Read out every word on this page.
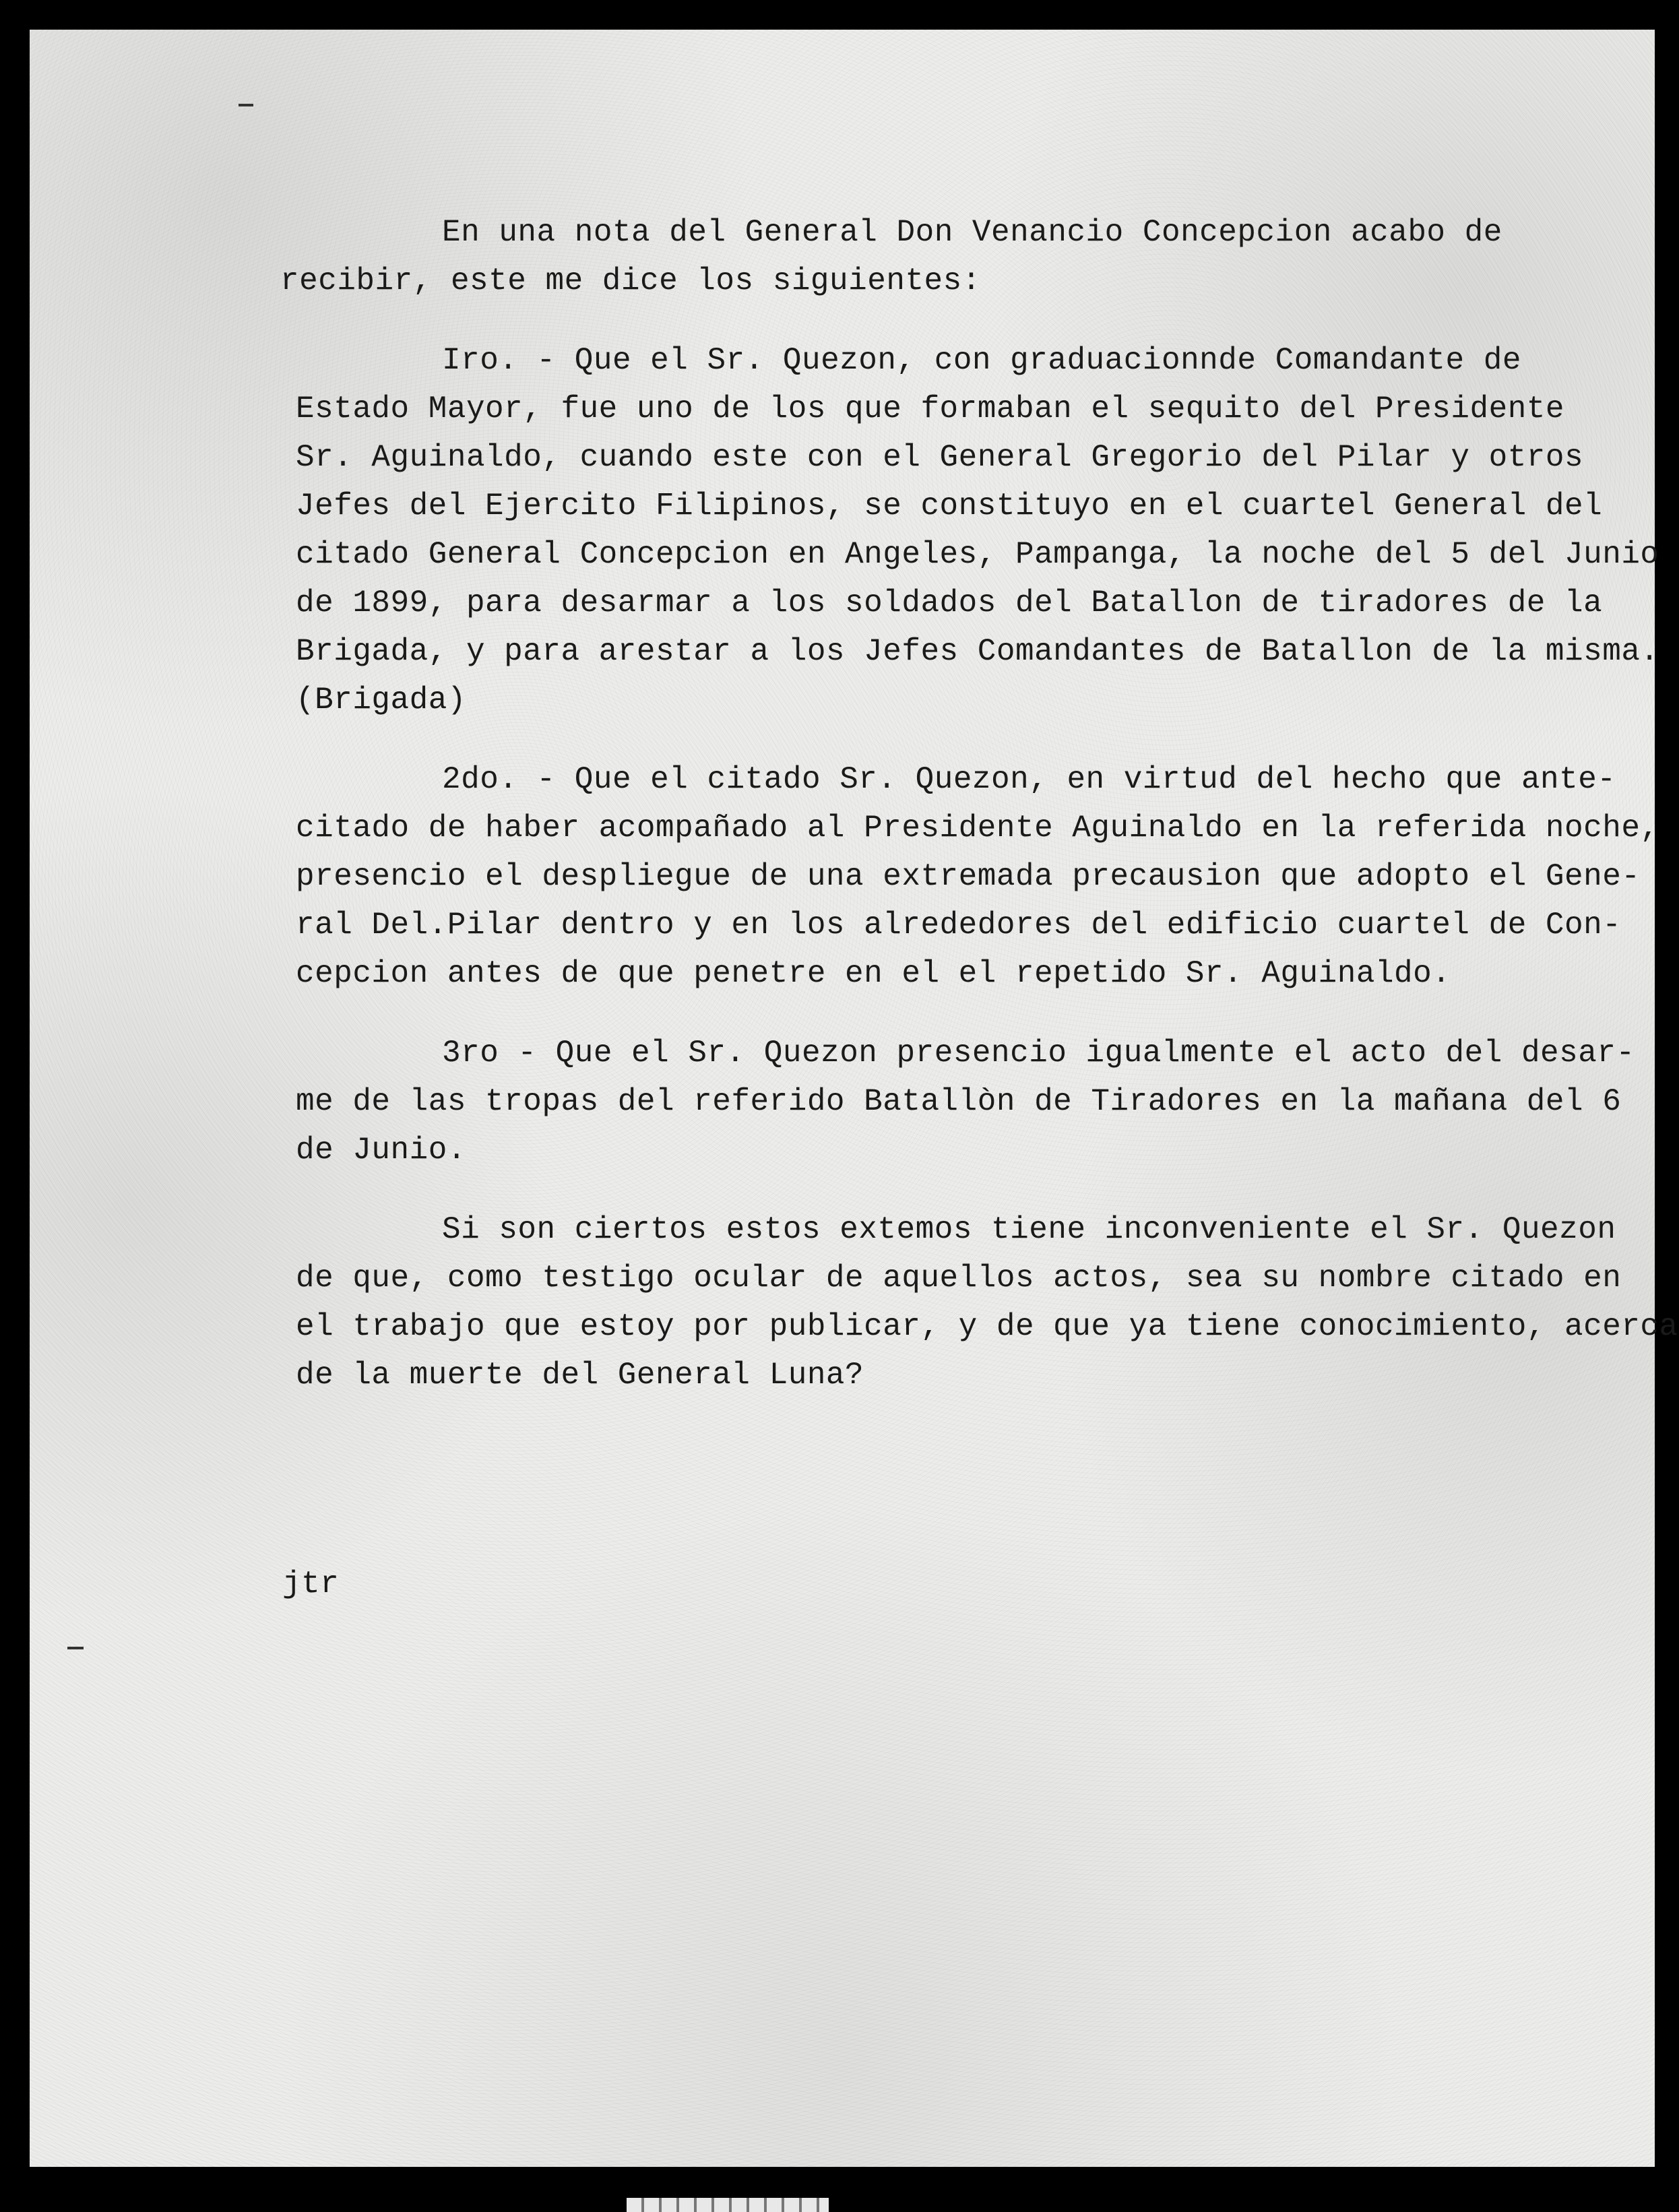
En una nota del General Don Venancio Concepcion acabo de
recibir, este me dice los siguientes:
Iro. - Que el Sr. Quezon, con graduacionnde Comandante de
Estado Mayor, fue uno de los que formaban el sequito del Presidente
Sr. Aguinaldo, cuando este con el General Gregorio del Pilar y otros
Jefes del Ejercito Filipinos, se constituyo en el cuartel General del
citado General Concepcion en Angeles, Pampanga, la noche del 5 del Junio
de 1899, para desarmar a los soldados del Batallon de tiradores de la
Brigada, y para arestar a los Jefes Comandantes de Batallon de la misma.
(Brigada)
2do. - Que el citado Sr. Quezon, en virtud del hecho que ante-
citado de haber acompañado al Presidente Aguinaldo en la referida noche,
presencio el despliegue de una extremada precausion que adopto el Gene-
ral Del.Pilar dentro y en los alrededores del edificio cuartel de Con-
cepcion antes de que penetre en el el repetido Sr. Aguinaldo.
3ro - Que el Sr. Quezon presencio igualmente el acto del desar-
me de las tropas del referido Batallòn de Tiradores en la mañana del 6
de Junio.
Si son ciertos estos extemos tiene inconveniente el Sr. Quezon
de que, como testigo ocular de aquellos actos, sea su nombre citado en
el trabajo que estoy por publicar, y de que ya tiene conocimiento, acerca
de la muerte del General Luna?
jtr
